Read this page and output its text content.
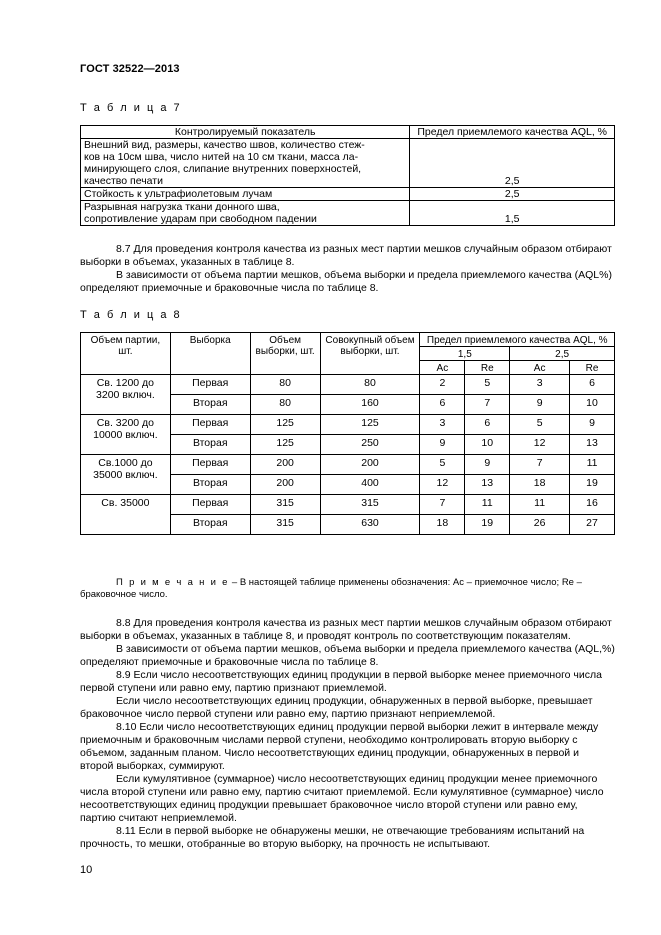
ГОСТ 32522—2013
Т а б л и ц а 7
Контролируемый показатель	Предел приемлемого качества AQL, %

Внешний вид, размеры, качество швов, количество стеж-
ков на 10см шва, число нитей на 10 см ткани, масса ла-
минирующего слоя, слипание внутренних поверхностей,
качество печати	2,5

Стойкость к ультрафиолетовым лучам	2,5

Разрывная нагрузка ткани донного шва,
сопротивление ударам при свободном падении	1,5
8.7 Для проведения контроля качества из разных мест партии мешков случайным образом отбирают выборки в объемах, указанных в таблице 8.
В зависимости от объема партии мешков, объема выборки и предела приемлемого качества (AQL%) определяют приемочные и браковочные числа по таблице 8.
Т а б л и ц а 8
Объем партии, шт.	Выборка	Объем выборки, шт.	Совокупный объем выборки, шт.	Предел приемлемого качества AQL, %			
				1,5		2,5	
				Aс	Re	Ac	Re
Св. 1200 до 3200 включ.	Первая	80	80	2	5	3	6
	Вторая	80	160	6	7	9	10
Св. 3200 до 10000 включ.	Первая	125	125	3	6	5	9
	Вторая	125	250	9	10	12	13
Св.1000 до 35000 включ.	Первая	200	200	5	9	7	11
	Вторая	200	400	12	13	18	19
Св. 35000	Первая	315	315	7	11	11	16
	Вторая	315	630	18	19	26	27
П р и м е ч а н и е – В настоящей таблице применены обозначения: Ac – приемочное число; Re – браковочное число.
8.8 Для проведения контроля качества из разных мест партии мешков случайным образом отбирают выборки в объемах, указанных в таблице 8, и проводят контроль по соответствующим показателям.
В зависимости от объема партии мешков, объема выборки и предела приемлемого качества (AQL,%) определяют приемочные и браковочные числа по таблице 8.
8.9 Если число несоответствующих единиц продукции в первой выборке менее приемочного числа первой ступени или равно ему, партию признают приемлемой.
Если число несоответствующих единиц продукции, обнаруженных в первой выборке, превышает браковочное число первой ступени или равно ему, партию признают неприемлемой.
8.10 Если число несоответствующих единиц продукции первой выборки лежит в интервале между приемочным и браковочным числами первой ступени, необходимо контролировать вторую выборку с объемом, заданным планом. Число несоответствующих единиц продукции, обнаруженных в первой и второй выборках, суммируют.
Если кумулятивное (суммарное) число несоответствующих единиц продукции менее приемочного числа второй ступени или равно ему, партию считают приемлемой. Если кумулятивное (суммарное) число несоответствующих единиц продукции превышает браковочное число второй ступени или равно ему, партию считают неприемлемой.
8.11 Если в первой выборке не обнаружены мешки, не отвечающие требованиям испытаний на прочность, то мешки, отобранные во вторую выборку, на прочность не испытывают.
10
